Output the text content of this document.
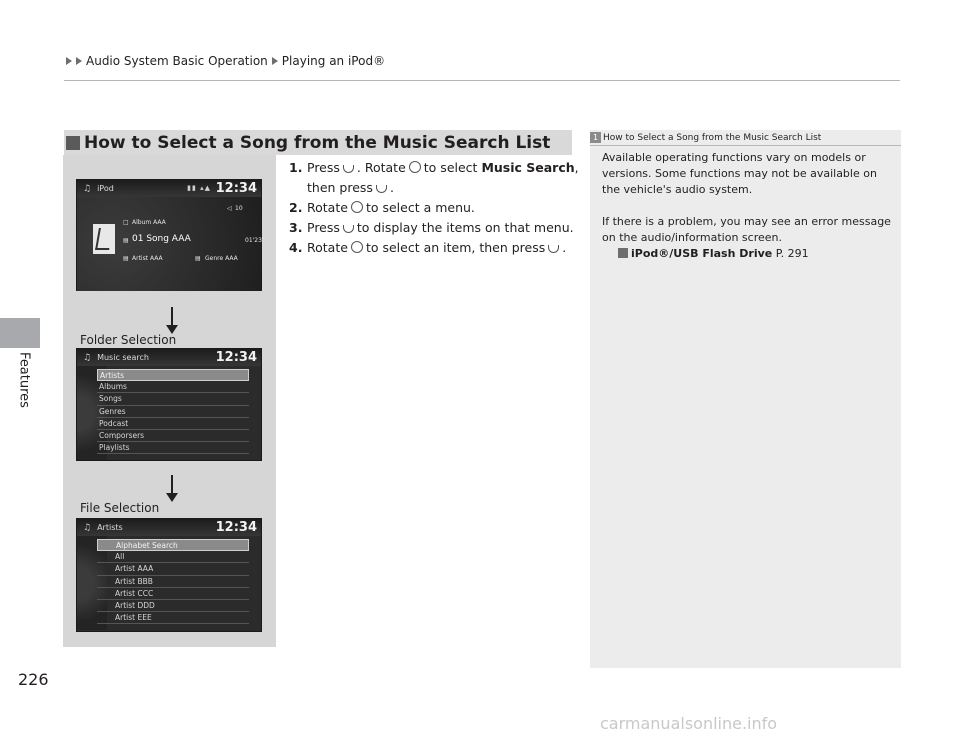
Audio System Basic Operation Playing an iPod®
Features
226
How to Select a Song from the Music Search List
♫ iPod	▮▮ ▴▲ 12:34
◁ 10
□ Album AAA
▤ 01 Song AAA	01'23"
▤ Artist AAA	▤ Genre AAA
Folder Selection
♫ Music search	12:34
Artists
Albums
Songs
Genres
Podcast
Comporsers
Playlists
File Selection
♫ Artists	12:34
Alphabet Search
All
Artist AAA
Artist BBB
Artist CCC
Artist DDD
Artist EEE
1. Press . Rotate to select Music Search, then press .
2. Rotate to select a menu.
3. Press to display the items on that menu.
4. Rotate to select an item, then press .
1 How to Select a Song from the Music Search List

Available operating functions vary on models or versions. Some functions may not be available on the vehicle's audio system.

If there is a problem, you may see an error message on the audio/information screen.

iPod®/USB Flash Drive P. 291
carmanualsonline.info
